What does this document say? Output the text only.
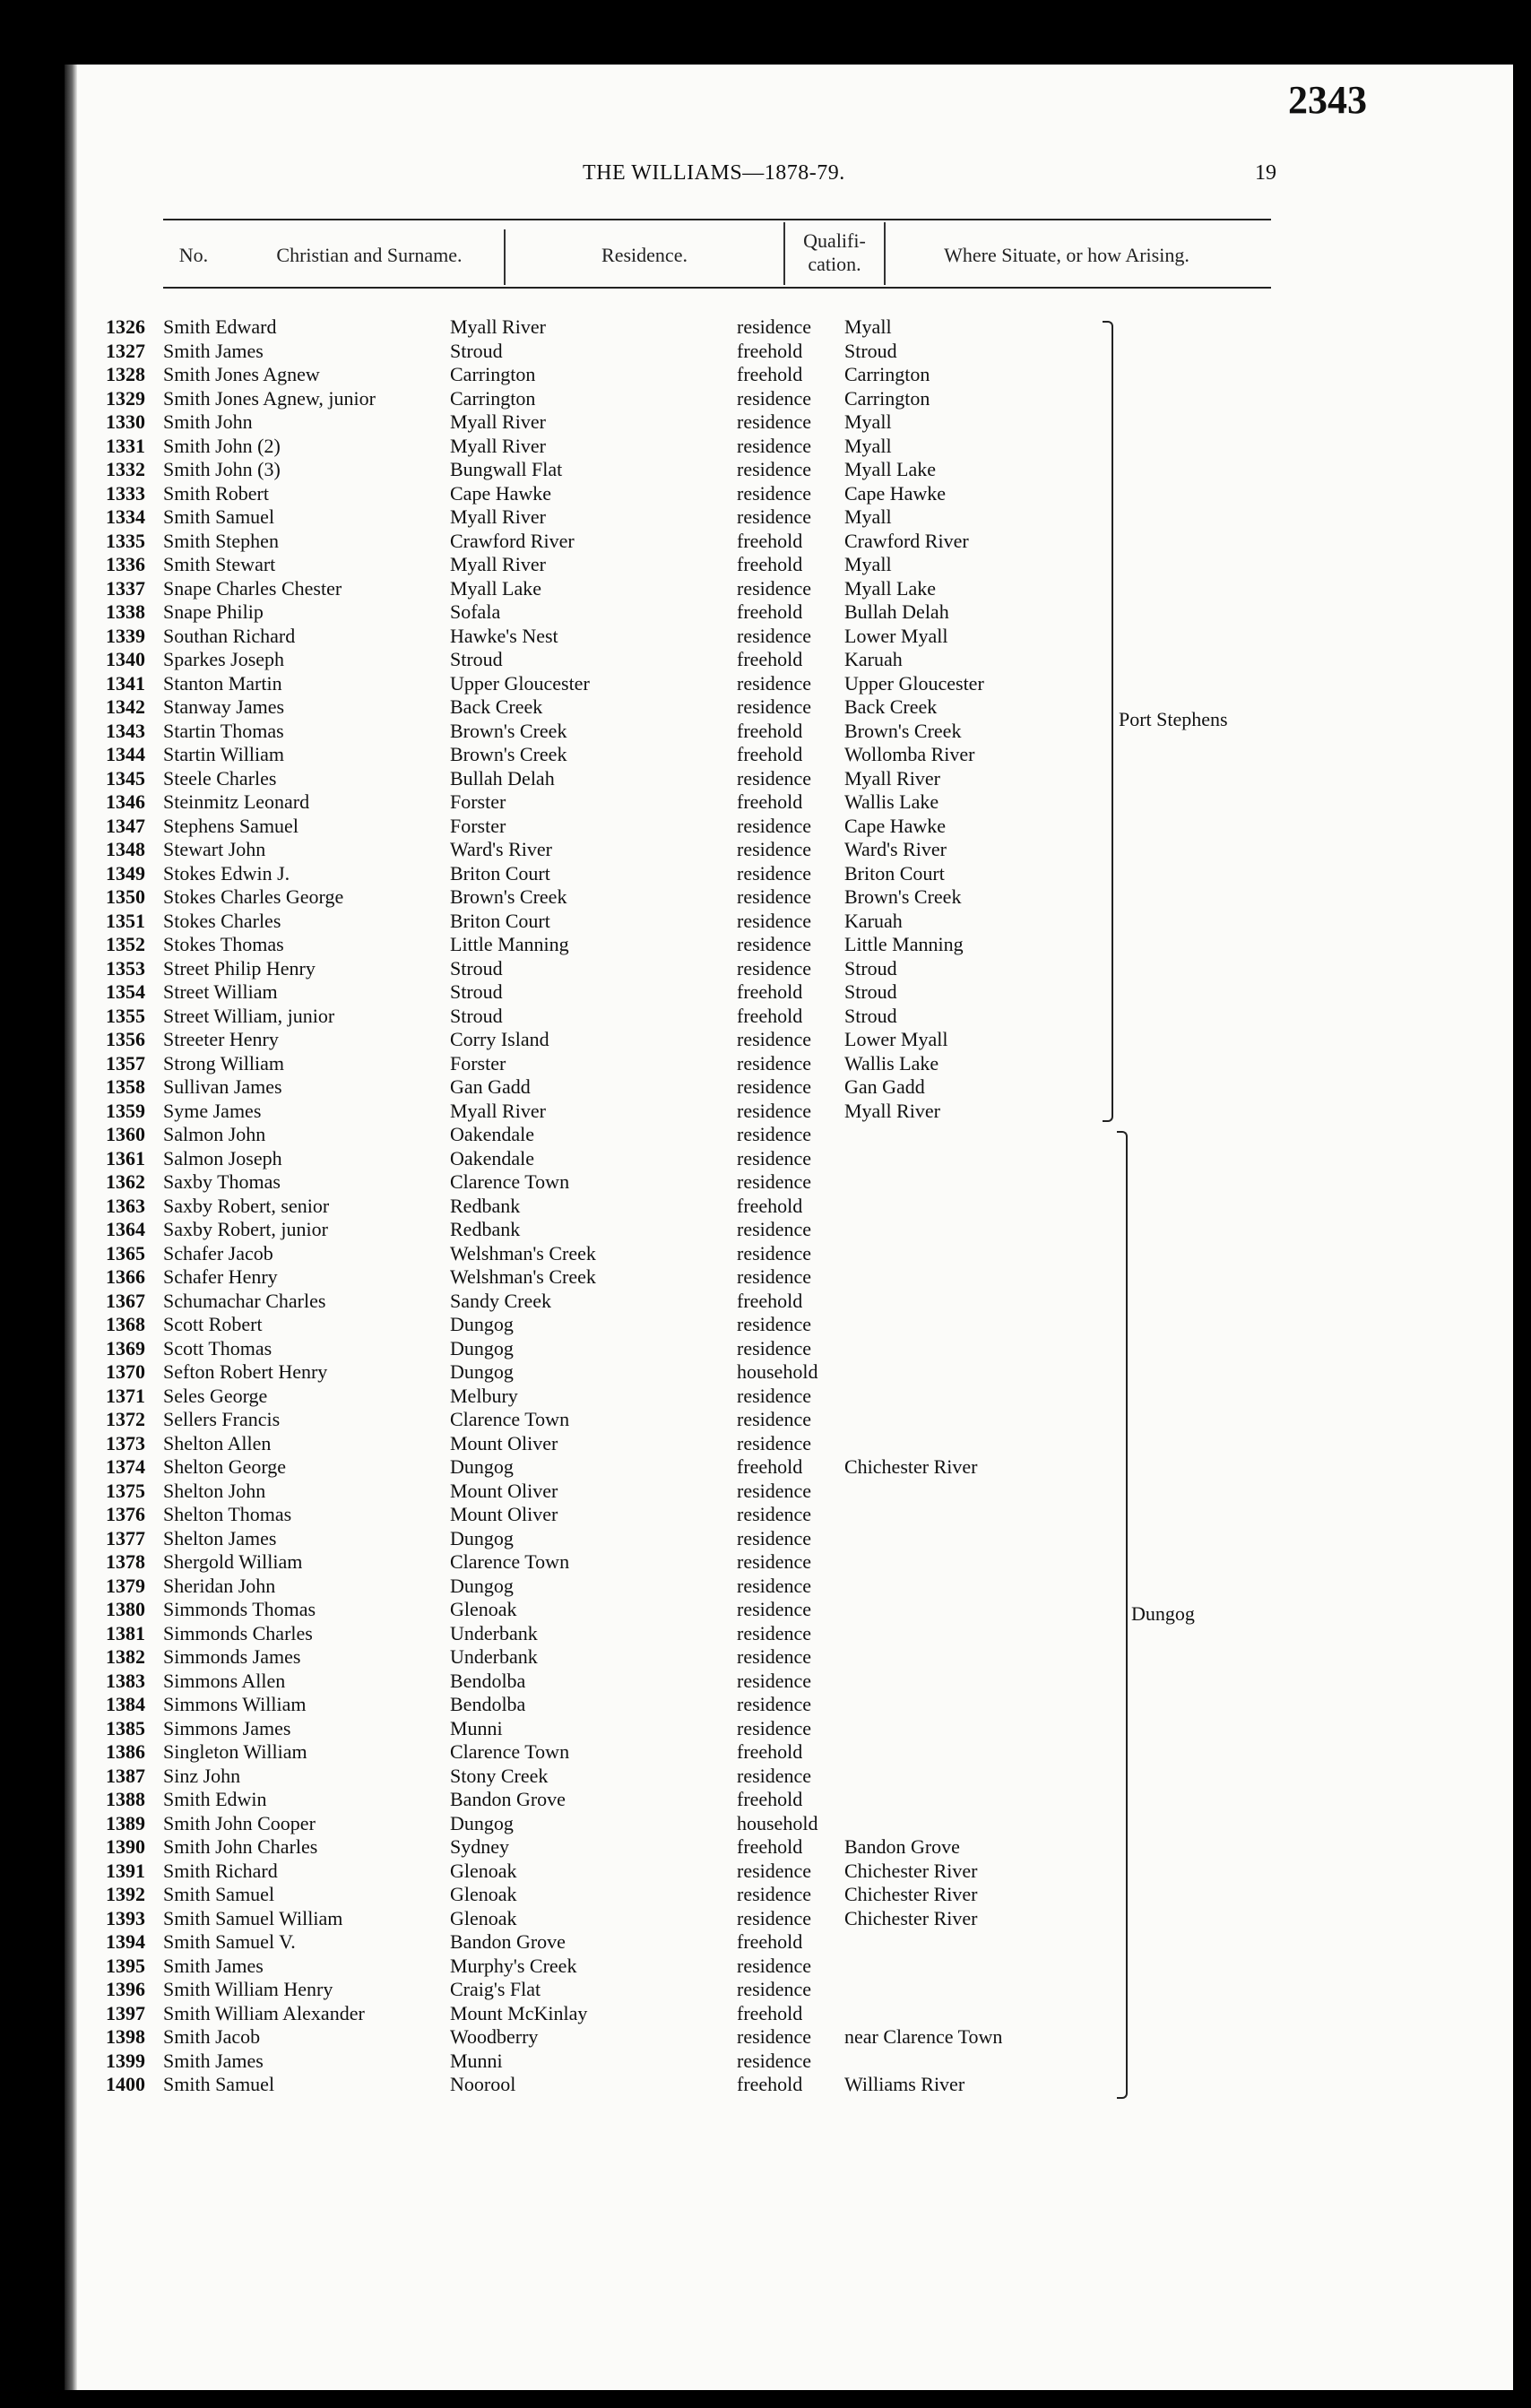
2343
THE WILLIAMS—1878-79.	19
No.	Christian and Surname.	Residence.
Qualifi-
cation.	Where Situate, or how Arising.
1326 Smith Edward	Myall River	residence Myall
1327 Smith James	Stroud	freehold Stroud
1328 Smith Jones Agnew	Carrington	freehold Carrington
1329 Smith Jones Agnew, junior	Carrington	residence Carrington
1330 Smith John	Myall River	residence Myall
1331 Smith John (2)	Myall River	residence Myall
1332 Smith John (3)	Bungwall Flat	residence Myall Lake
1333 Smith Robert	Cape Hawke	residence Cape Hawke
1334 Smith Samuel	Myall River	residence Myall
1335 Smith Stephen	Crawford River	freehold Crawford River
1336 Smith Stewart	Myall River	freehold Myall
1337 Snape Charles Chester	Myall Lake	residence Myall Lake
1338 Snape Philip	Sofala	freehold Bullah Delah
1339 Southan Richard	Hawke's Nest	residence Lower Myall
1340 Sparkes Joseph	Stroud	freehold Karuah
1341 Stanton Martin	Upper Gloucester	residence Upper Gloucester
1342 Stanway James	Back Creek	residence Back Creek
1343 Startin Thomas	Brown's Creek	freehold Brown's Creek
1344 Startin William	Brown's Creek	freehold Wollomba River
1345 Steele Charles	Bullah Delah	residence Myall River
1346 Steinmitz Leonard	Forster	freehold Wallis Lake
1347 Stephens Samuel	Forster	residence Cape Hawke
1348 Stewart John	Ward's River	residence Ward's River
1349 Stokes Edwin J.	Briton Court	residence Briton Court
1350 Stokes Charles George	Brown's Creek	residence Brown's Creek
1351 Stokes Charles	Briton Court	residence Karuah
1352 Stokes Thomas	Little Manning	residence Little Manning
1353 Street Philip Henry	Stroud	residence Stroud
1354 Street William	Stroud	freehold Stroud
1355 Street William, junior	Stroud	freehold Stroud
1356 Streeter Henry	Corry Island	residence Lower Myall
1357 Strong William	Forster	residence Wallis Lake
1358 Sullivan James	Gan Gadd	residence Gan Gadd
1359 Syme James	Myall River	residence Myall River
1360 Salmon John	Oakendale	residence
1361 Salmon Joseph	Oakendale	residence
1362 Saxby Thomas	Clarence Town	residence
1363 Saxby Robert, senior	Redbank	freehold
1364 Saxby Robert, junior	Redbank	residence
1365 Schafer Jacob	Welshman's Creek	residence
1366 Schafer Henry	Welshman's Creek	residence
1367 Schumachar Charles	Sandy Creek	freehold
1368 Scott Robert	Dungog	residence
1369 Scott Thomas	Dungog	residence
1370 Sefton Robert Henry	Dungog	household
1371 Seles George	Melbury	residence
1372 Sellers Francis	Clarence Town	residence
1373 Shelton Allen	Mount Oliver	residence
1374 Shelton George	Dungog	freehold Chichester River
1375 Shelton John	Mount Oliver	residence
1376 Shelton Thomas	Mount Oliver	residence
1377 Shelton James	Dungog	residence
1378 Shergold William	Clarence Town	residence
1379 Sheridan John	Dungog	residence
1380 Simmonds Thomas	Glenoak	residence
1381 Simmonds Charles	Underbank	residence
1382 Simmonds James	Underbank	residence
1383 Simmons Allen	Bendolba	residence
1384 Simmons William	Bendolba	residence
1385 Simmons James	Munni	residence
1386 Singleton William	Clarence Town	freehold
1387 Sinz John	Stony Creek	residence
1388 Smith Edwin	Bandon Grove	freehold
1389 Smith John Cooper	Dungog	household
1390 Smith John Charles	Sydney	freehold Bandon Grove
1391 Smith Richard	Glenoak	residence Chichester River
1392 Smith Samuel	Glenoak	residence Chichester River
1393 Smith Samuel William	Glenoak	residence Chichester River
1394 Smith Samuel V.	Bandon Grove	freehold
1395 Smith James	Murphy's Creek	residence
1396 Smith William Henry	Craig's Flat	residence
1397 Smith William Alexander	Mount McKinlay	freehold
1398 Smith Jacob	Woodberry	residence near Clarence Town
1399 Smith James	Munni	residence
1400 Smith Samuel	Noorool	freehold Williams River
Port Stephens
Dungog
